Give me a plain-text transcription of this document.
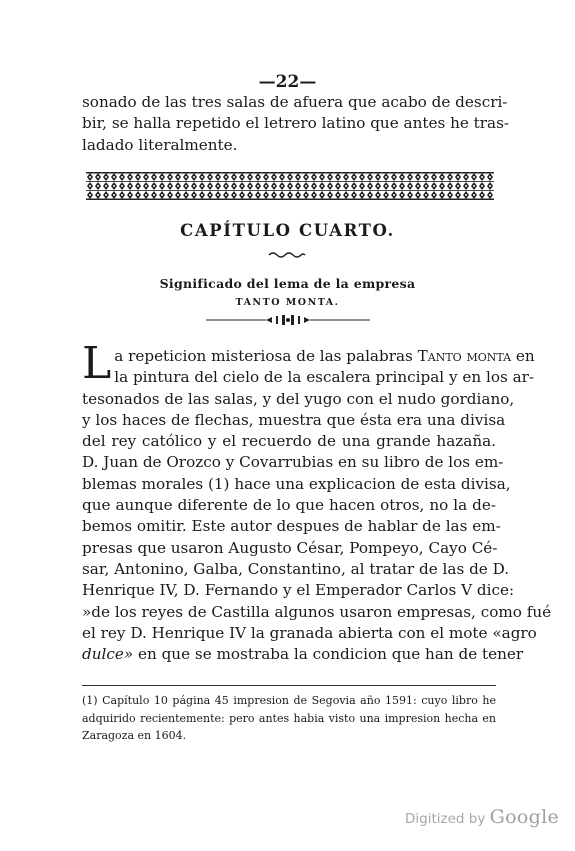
—22—
sonado de las tres salas de afuera que acabo de descri-
bir, se halla repetido el letrero latino que antes he tras-
ladado literalmente.
CAPÍTULO CUARTO.
Significado del lema de la empresa
TANTO MONTA.
L a repeticion misteriosa de las palabras Tanto monta en
la pintura del cielo de la escalera principal y en los ar-
tesonados de las salas, y del yugo con el nudo gordiano,
y los haces de flechas, muestra que ésta era una divisa
del rey católico y el recuerdo de una grande hazaña.
D. Juan de Orozco y Covarrubias en su libro de los em-
blemas morales (1) hace una explicacion de esta divisa,
que aunque diferente de lo que hacen otros, no la de-
bemos omitir. Este autor despues de hablar de las em-
presas que usaron Augusto César, Pompeyo, Cayo Cé-
sar, Antonino, Galba, Constantino, al tratar de las de D.
Henrique IV, D. Fernando y el Emperador Carlos V dice:
»de los reyes de Castilla algunos usaron empresas, como fué
el rey D. Henrique IV la granada abierta con el mote «agro
dulce» en que se mostraba la condicion que han de tener
(1) Capítulo 10 página 45 impresion de Segovia año 1591: cuyo libro he
adquirido recientemente: pero antes habia visto una impresion hecha en
Zaragoza en 1604.
Digitized by Google
